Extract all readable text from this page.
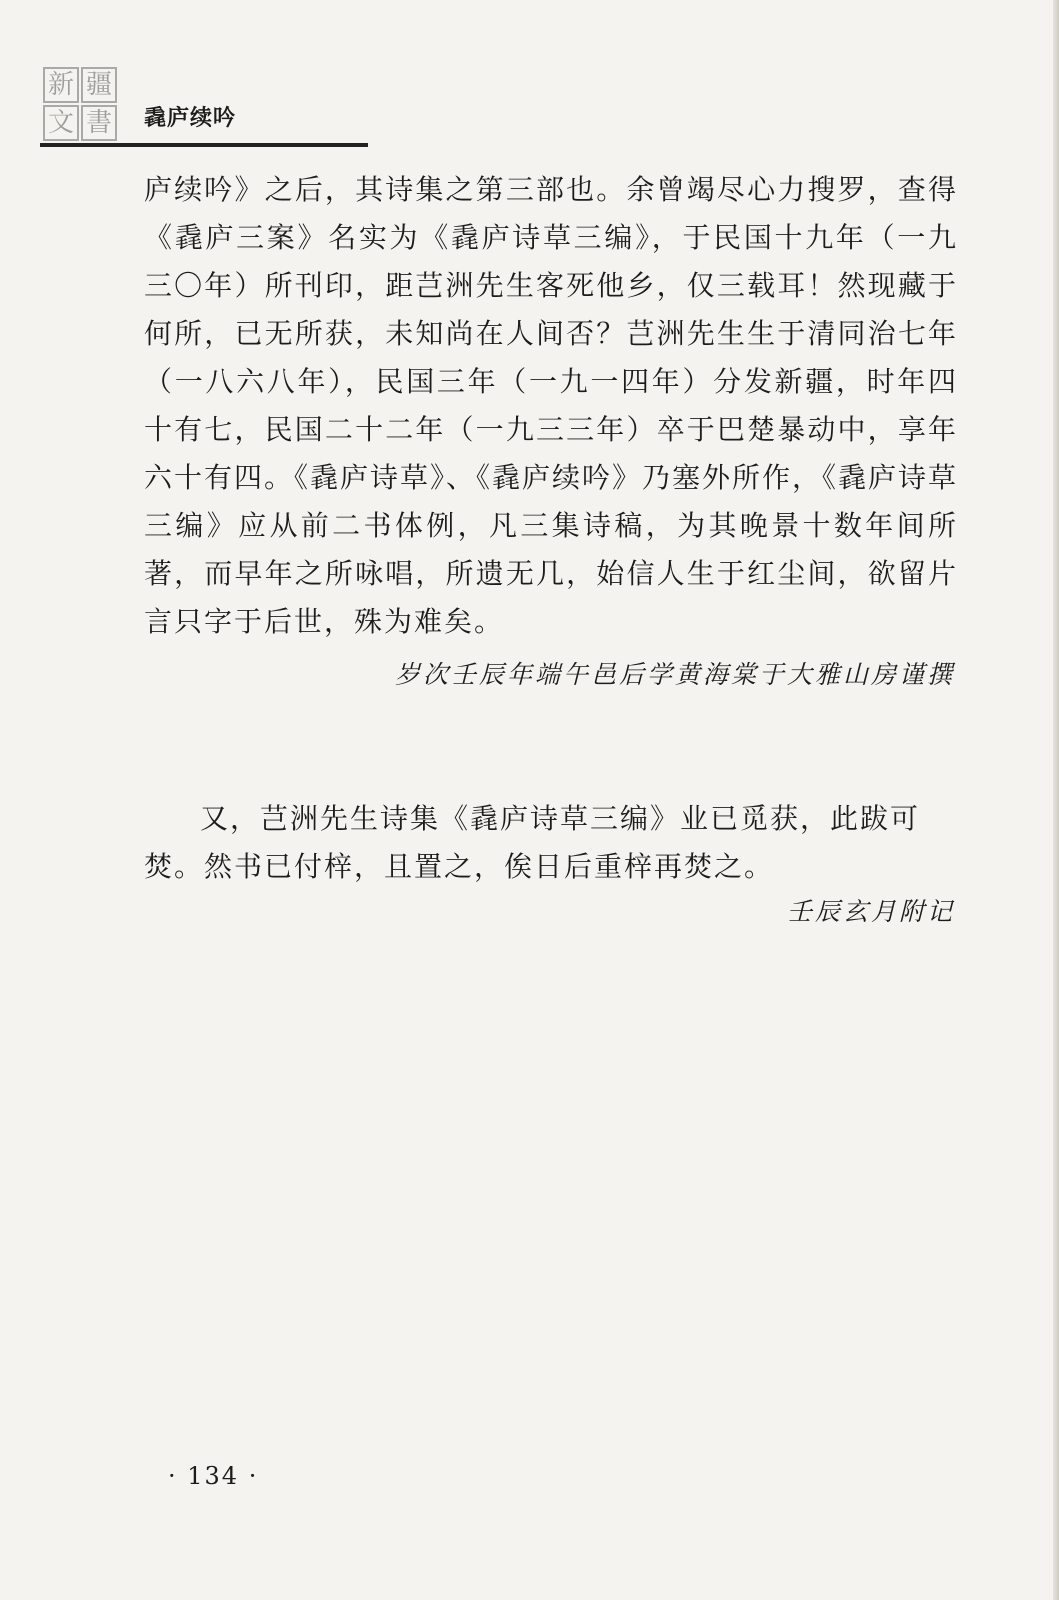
新 疆
文 書 毳庐续吟

庐续吟》之后，其诗集之第三部也。余曾竭尽心力搜罗，查得《毳庐三案》名实为《毳庐诗草三编》，于民国十九年（一九三〇年）所刊印，距芑洲先生客死他乡，仅三载耳！然现藏于何所，已无所获，未知尚在人间否？芑洲先生生于清同治七年（一八六八年），民国三年（一九一四年）分发新疆，时年四十有七，民国二十二年（一九三三年）卒于巴楚暴动中，享年六十有四。《毳庐诗草》、《毳庐续吟》乃塞外所作，《毳庐诗草三编》应从前二书体例，凡三集诗稿，为其晚景十数年间所著，而早年之所咏唱，所遗无几，始信人生于红尘间，欲留片言只字于后世，殊为难矣。

岁次壬辰年端午邑后学黄海棠于大雅山房谨撰

又，芑洲先生诗集《毳庐诗草三编》业已觅获，此跋可焚。然书已付梓，且置之，俟日后重梓再焚之。

壬辰玄月附记
· 134 ·
